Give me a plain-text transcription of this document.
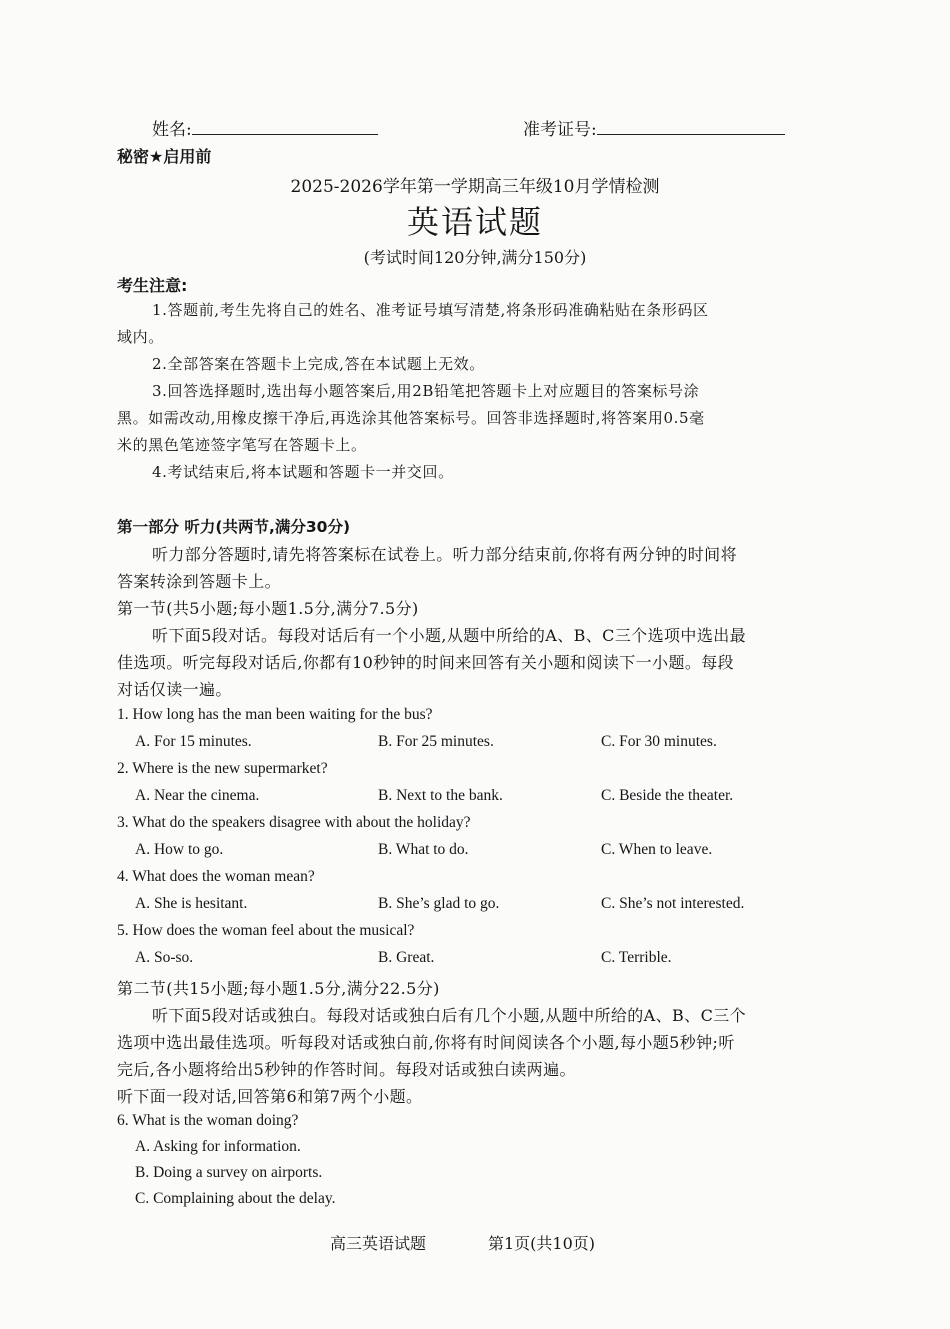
姓名:	准考证号:
秘密★启用前
2025-2026学年第一学期高三年级10月学情检测
英语试题
(考试时间120分钟,满分150分)
考生注意:
1.答题前,考生先将自己的姓名、准考证号填写清楚,将条形码准确粘贴在条形码区
域内。
2.全部答案在答题卡上完成,答在本试题上无效。
3.回答选择题时,选出每小题答案后,用2B铅笔把答题卡上对应题目的答案标号涂
黑。如需改动,用橡皮擦干净后,再选涂其他答案标号。回答非选择题时,将答案用0.5毫
米的黑色笔迹签字笔写在答题卡上。
4.考试结束后,将本试题和答题卡一并交回。
第一部分 听力(共两节,满分30分)
听力部分答题时,请先将答案标在试卷上。听力部分结束前,你将有两分钟的时间将
答案转涂到答题卡上。
第一节(共5小题;每小题1.5分,满分7.5分)
听下面5段对话。每段对话后有一个小题,从题中所给的A、B、C三个选项中选出最
佳选项。听完每段对话后,你都有10秒钟的时间来回答有关小题和阅读下一小题。每段
对话仅读一遍。
1. How long has the man been waiting for the bus?
A. For 15 minutes.	B. For 25 minutes.	C. For 30 minutes.
2. Where is the new supermarket?
A. Near the cinema.	B. Next to the bank.	C. Beside the theater.
3. What do the speakers disagree with about the holiday?
A. How to go.	B. What to do.	C. When to leave.
4. What does the woman mean?
A. She is hesitant.	B. She’s glad to go.	C. She’s not interested.
5. How does the woman feel about the musical?
A. So-so.	B. Great.	C. Terrible.
第二节(共15小题;每小题1.5分,满分22.5分)
听下面5段对话或独白。每段对话或独白后有几个小题,从题中所给的A、B、C三个
选项中选出最佳选项。听每段对话或独白前,你将有时间阅读各个小题,每小题5秒钟;听
完后,各小题将给出5秒钟的作答时间。每段对话或独白读两遍。
听下面一段对话,回答第6和第7两个小题。
6. What is the woman doing?
A. Asking for information.
B. Doing a survey on airports.
C. Complaining about the delay.
高三英语试题	第1页(共10页)
